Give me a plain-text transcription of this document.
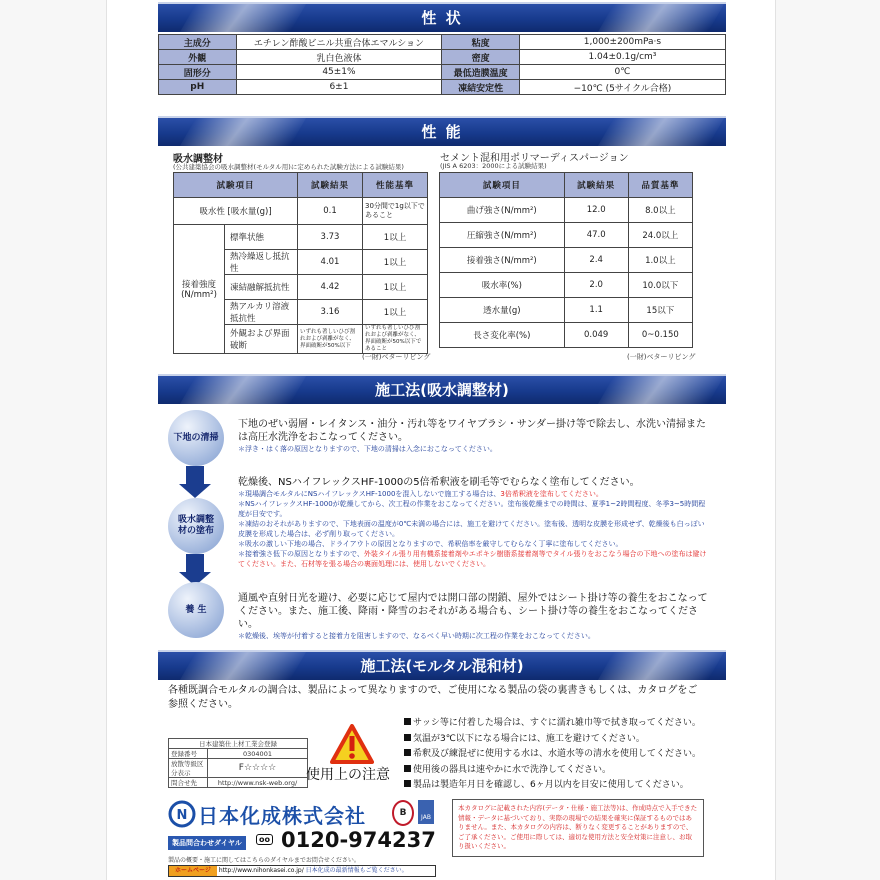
性 状
主成分	エチレン酢酸ビニル共重合体エマルション	粘度	1,000±200mPa·s
外観	乳白色液体	密度	1.04±0.1g/cm³
固形分	45±1%	最低造膜温度	0℃
pH	6±1	凍結安定性	−10℃ (5サイクル合格)
性 能
吸水調整材
(公共建築協会の吸水調整材(モルタル用)に定められた試験方法による試験結果)
試験項目		試験結果	性能基準
吸水性 [吸水量(g)]		0.1	30分間で1g以下であること
接着強度(N/mm²)	標準状態	3.73	1以上
	熱冷繰返し抵抗性	4.01	1以上
	凍結融解抵抗性	4.42	1以上
	熱アルカリ溶液抵抗性	3.16	1以上
	外観および界面破断	いずれも著しいひび割れおよび剥離がなく、界面破断が50%以下	いずれも著しいひび割れおよび剥離がなく、界面破断が50%以下であること
(一財)ベターリビング
セメント混和用ポリマーディスパージョン
(JIS A 6203：2000による試験結果)
試験項目	試験結果	品質基準
曲げ強さ(N/mm²)	12.0	8.0以上
圧縮強さ(N/mm²)	47.0	24.0以上
接着強さ(N/mm²)	2.4	1.0以上
吸水率(%)	2.0	10.0以下
透水量(g)	1.1	15以下
長さ変化率(%)	0.049	0~0.150
(一財)ベターリビング
施工法(吸水調整材)
下地の清掃
吸水調整材の塗布
養 生
下地のぜい弱層・レイタンス・油分・汚れ等をワイヤブラシ・サンダー掛け等で除去し、水洗い清掃または高圧水洗浄をおこなってください。
＊浮き・はく落の原因となりますので、下地の清掃は入念におこなってください。
乾燥後、NSハイフレックスHF-1000の5倍希釈液を刷毛等でむらなく塗布してください。
＊現場調合モルタルにNSハイフレックスHF-1000を混入しないで施工する場合は、3倍希釈液を塗布してください。
＊NSハイフレックスHF-1000が乾燥してから、次工程の作業をおこなってください。塗布後乾燥までの時間は、夏季1~2時間程度、冬季3~5時間程度が目安です。
＊凍結のおそれがありますので、下地表面の温度が0℃未満の場合には、施工を避けてください。塗布後、透明な皮膜を形成せず、乾燥後も白っぽい皮膜を形成した場合は、必ず削り取ってください。
＊吸水の激しい下地の場合、ドライアウトの原因となりますので、希釈倍率を厳守してむらなく丁寧に塗布してください。
＊接着強さ低下の原因となりますので、外装タイル張り用有機系接着剤やエポキシ樹脂系接着剤等でタイル張りをおこなう場合の下地への塗布は避けてください。また、石材等を張る場合の裏面処理には、使用しないでください。
通風や直射日光を避け、必要に応じて屋内では開口部の閉鎖、屋外ではシート掛け等の養生をおこなってください。また、施工後、降雨・降雪のおそれがある場合も、シート掛け等の養生をおこなってください。
＊乾燥後、埃等が付着すると接着力を阻害しますので、なるべく早い時期に次工程の作業をおこなってください。
施工法(モルタル混和材)
各種既調合モルタルの調合は、製品によって異なりますので、ご使用になる製品の袋の裏書きもしくは、カタログをご参照ください。
日本建築仕上材工業会登録	
登録番号	0304001
放散等級区分表示	F☆☆☆☆
問合せ先	http://www.nsk-web.org/ 使用上の注意
サッシ等に付着した場合は、すぐに濡れ雑巾等で拭き取ってください。
気温が3℃以下になる場合には、施工を避けてください。
希釈及び練混ぜに使用する水は、水道水等の清水を使用してください。
使用後の器具は速やかに水で洗浄してください。
製品は製造年月日を確認し、6ヶ月以内を目安に使用してください。
N 日本化成株式会社	B	JAB
製品問合わせダイヤル	oo 0120-974237
製品の概要・施工に関してはこちらのダイヤルまでお問合せください。
ホームページ http://www.nihonkasei.co.jp/ 日本化成の最新情報もご覧ください。
本カタログに記載された内容(データ・仕様・施工法等)は、作成時点で入手できた情報・データに基づいており、実際の現場での結果を確実に保証するものではありません。また、本カタログの内容は、断りなく変更することがありますので、ご了承ください。ご使用に際しては、適切な使用方法と安全対策に注意し、お取り扱いください。
